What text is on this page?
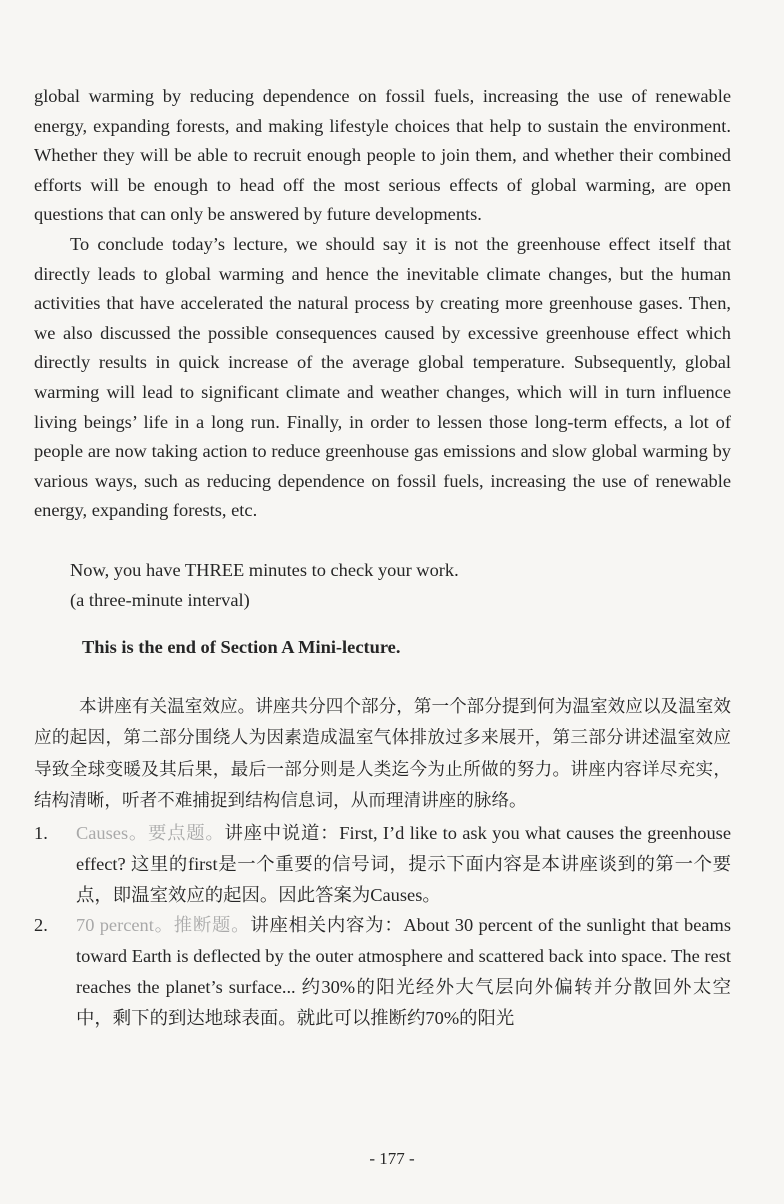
global warming by reducing dependence on fossil fuels, increasing the use of renewable energy, expanding forests, and making lifestyle choices that help to sustain the environment. Whether they will be able to recruit enough people to join them, and whether their combined efforts will be enough to head off the most serious effects of global warming, are open questions that can only be answered by future developments.

To conclude today’s lecture, we should say it is not the greenhouse effect itself that directly leads to global warming and hence the inevitable climate changes, but the human activities that have accelerated the natural process by creating more greenhouse gases. Then, we also discussed the possible consequences caused by excessive greenhouse effect which directly results in quick increase of the average global temperature. Subsequently, global warming will lead to significant climate and weather changes, which will in turn influence living beings’ life in a long run. Finally, in order to lessen those long-term effects, a lot of people are now taking action to reduce greenhouse gas emissions and slow global warming by various ways, such as reducing dependence on fossil fuels, increasing the use of renewable energy, expanding forests, etc.

Now, you have THREE minutes to check your work.

(a three-minute interval)

This is the end of Section A Mini-lecture.

本讲座有关温室效应。讲座共分四个部分，第一个部分提到何为温室效应以及温室效应的起因，第二部分围绕人为因素造成温室气体排放过多来展开，第三部分讲述温室效应导致全球变暖及其后果，最后一部分则是人类迄今为止所做的努力。讲座内容详尽充实，结构清晰，听者不难捕捉到结构信息词，从而理清讲座的脉络。

1.	Causes。要点题。讲座中说道：First, I’d like to ask you what causes the greenhouse effect? 这里的first是一个重要的信号词，提示下面内容是本讲座谈到的第一个要点，即温室效应的起因。因此答案为Causes。
2.	70 percent。推断题。讲座相关内容为：About 30 percent of the sunlight that beams toward Earth is deflected by the outer atmosphere and scattered back into space. The rest reaches the planet’s surface... 约30%的阳光经外大气层向外偏转并分散回外太空中，剩下的到达地球表面。就此可以推断约70%的阳光
- 177 -
